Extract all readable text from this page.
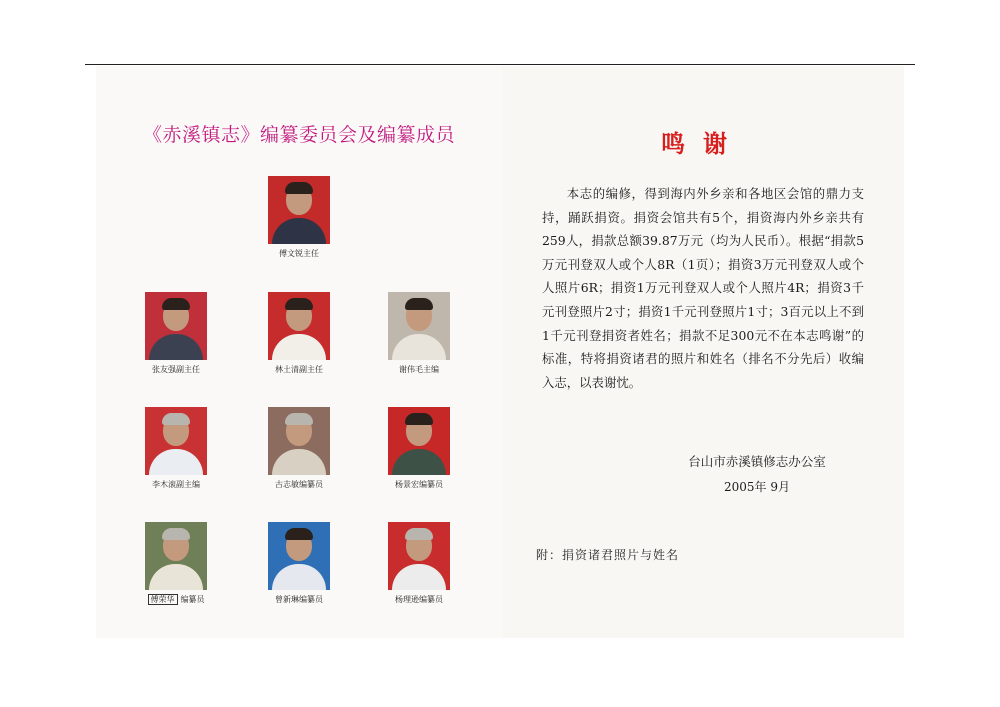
《赤溪镇志》编纂委员会及编纂成员
傅文锐主任
张友强副主任	林土清副主任	谢伟毛主编
李木滚副主编	古志敏编纂员	杨景宏编纂员
傅荣华 编纂员	曾新琳编纂员	杨理逊编纂员
鸣谢

本志的编修，得到海内外乡亲和各地区会馆的鼎力支持，踊跃捐资。捐资会馆共有5个，捐资海内外乡亲共有259人，捐款总额39.87万元（均为人民币）。根据“捐款5万元刊登双人或个人8R（1页）；捐资3万元刊登双人或个人照片6R；捐资1万元刊登双人或个人照片4R；捐资3千元刊登照片2寸；捐资1千元刊登照片1寸；3百元以上不到1千元刊登捐资者姓名；捐款不足300元不在本志鸣谢”的标准，特将捐资诸君的照片和姓名（排名不分先后）收编入志，以表谢忱。

台山市赤溪镇修志办公室
2005年 9月
附：捐资诸君照片与姓名
